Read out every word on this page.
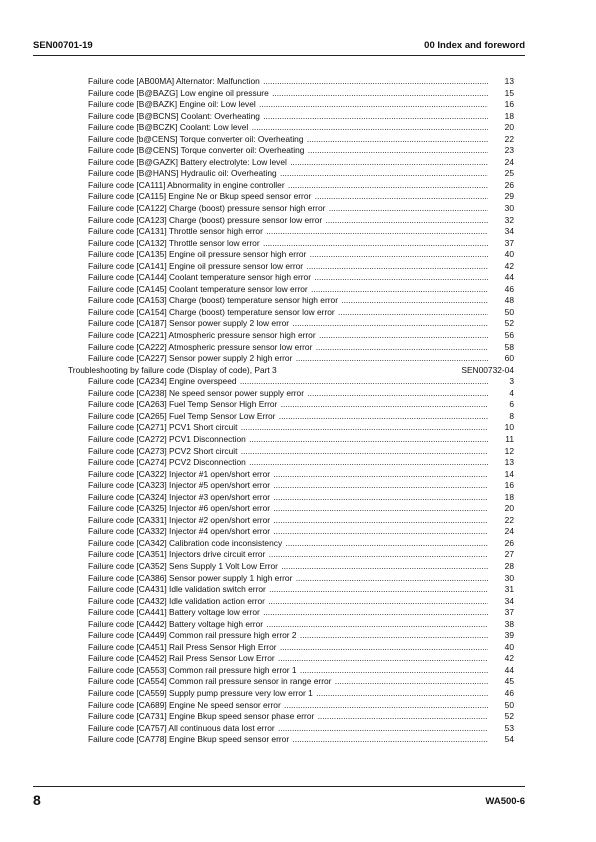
SEN00701-19	00 Index and foreword
Failure code [AB00MA] Alternator: Malfunction .....	13
Failure code [B@BAZG] Low engine oil pressure .....	15
Failure code [B@BAZK] Engine oil: Low level .....	16
Failure code [B@BCNS] Coolant: Overheating .....	18
Failure code [B@BCZK] Coolant: Low level .....	20
Failure code [b@CENS] Torque converter oil: Overheating .....	22
Failure code [B@CENS] Torque converter oil: Overheating .....	23
Failure code [B@GAZK] Battery electrolyte: Low level .....	24
Failure code [B@HANS] Hydraulic oil: Overheating .....	25
Failure code [CA111] Abnormality in engine controller .....	26
Failure code [CA115] Engine Ne or Bkup speed sensor error .....	29
Failure code [CA122] Charge (boost) pressure sensor high error .....	30
Failure code [CA123] Charge (boost) pressure sensor low error .....	32
Failure code [CA131] Throttle sensor high error .....	34
Failure code [CA132] Throttle sensor low error .....	37
Failure code [CA135] Engine oil pressure sensor high error .....	40
Failure code [CA141] Engine oil pressure sensor low error .....	42
Failure code [CA144] Coolant temperature sensor high error .....	44
Failure code [CA145] Coolant temperature sensor low error .....	46
Failure code [CA153] Charge (boost) temperature sensor high error .....	48
Failure code [CA154] Charge (boost) temperature sensor low error .....	50
Failure code [CA187] Sensor power supply 2 low error .....	52
Failure code [CA221] Atmospheric pressure sensor high error .....	56
Failure code [CA222] Atmospheric pressure sensor low error .....	58
Failure code [CA227] Sensor power supply 2 high error .....	60
Troubleshooting by failure code (Display of code), Part 3	SEN00732-04
Failure code [CA234] Engine overspeed .....	3
Failure code [CA238] Ne speed sensor power supply error .....	4
Failure code [CA263] Fuel Temp Sensor High Error .....	6
Failure code [CA265] Fuel Temp Sensor Low Error .....	8
Failure code [CA271] PCV1 Short circuit .....	10
Failure code [CA272] PCV1 Disconnection .....	11
Failure code [CA273] PCV2 Short circuit .....	12
Failure code [CA274] PCV2 Disconnection .....	13
Failure code [CA322] Injector #1 open/short error .....	14
Failure code [CA323] Injector #5 open/short error .....	16
Failure code [CA324] Injector #3 open/short error .....	18
Failure code [CA325] Injector #6 open/short error .....	20
Failure code [CA331] Injector #2 open/short error .....	22
Failure code [CA332] Injector #4 open/short error .....	24
Failure code [CA342] Calibration code inconsistency .....	26
Failure code [CA351] Injectors drive circuit error .....	27
Failure code [CA352] Sens Supply 1 Volt Low Error .....	28
Failure code [CA386] Sensor power supply 1 high error .....	30
Failure code [CA431] Idle validation switch error .....	31
Failure code [CA432] Idle validation action error .....	34
Failure code [CA441] Battery voltage low error .....	37
Failure code [CA442] Battery voltage high error .....	38
Failure code [CA449] Common rail pressure high error 2 .....	39
Failure code [CA451] Rail Press Sensor High Error .....	40
Failure code [CA452] Rail Press Sensor Low Error .....	42
Failure code [CA553] Common rail pressure high error 1 .....	44
Failure code [CA554] Common rail pressure sensor in range error .....	45
Failure code [CA559] Supply pump pressure very low error 1 .....	46
Failure code [CA689] Engine Ne speed sensor error .....	50
Failure code [CA731] Engine Bkup speed sensor phase error .....	52
Failure code [CA757] All continuous data lost error .....	53
Failure code [CA778] Engine Bkup speed sensor error .....	54
8	WA500-6
